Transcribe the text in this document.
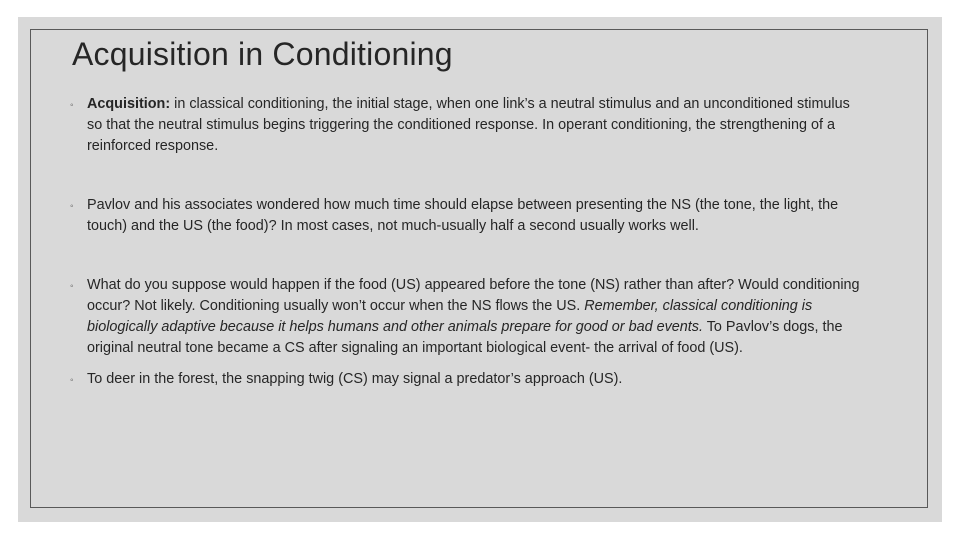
Acquisition in Conditioning
◦ Acquisition: in classical conditioning, the initial stage, when one link’s a neutral stimulus and an unconditioned stimulus so that the neutral stimulus begins triggering the conditioned response. In operant conditioning, the strengthening of a reinforced response.
◦ Pavlov and his associates wondered how much time should elapse between presenting the NS (the tone, the light, the touch) and the US (the food)? In most cases, not much-usually half a second usually works well.
◦ What do you suppose would happen if the food (US) appeared before the tone (NS) rather than after? Would conditioning occur? Not likely. Conditioning usually won’t occur when the NS flows the US. Remember, classical conditioning is biologically adaptive because it helps humans and other animals prepare for good or bad events. To Pavlov’s dogs, the original neutral tone became a CS after signaling an important biological event- the arrival of food (US).
◦ To deer in the forest, the snapping twig (CS) may signal a predator’s approach (US).
